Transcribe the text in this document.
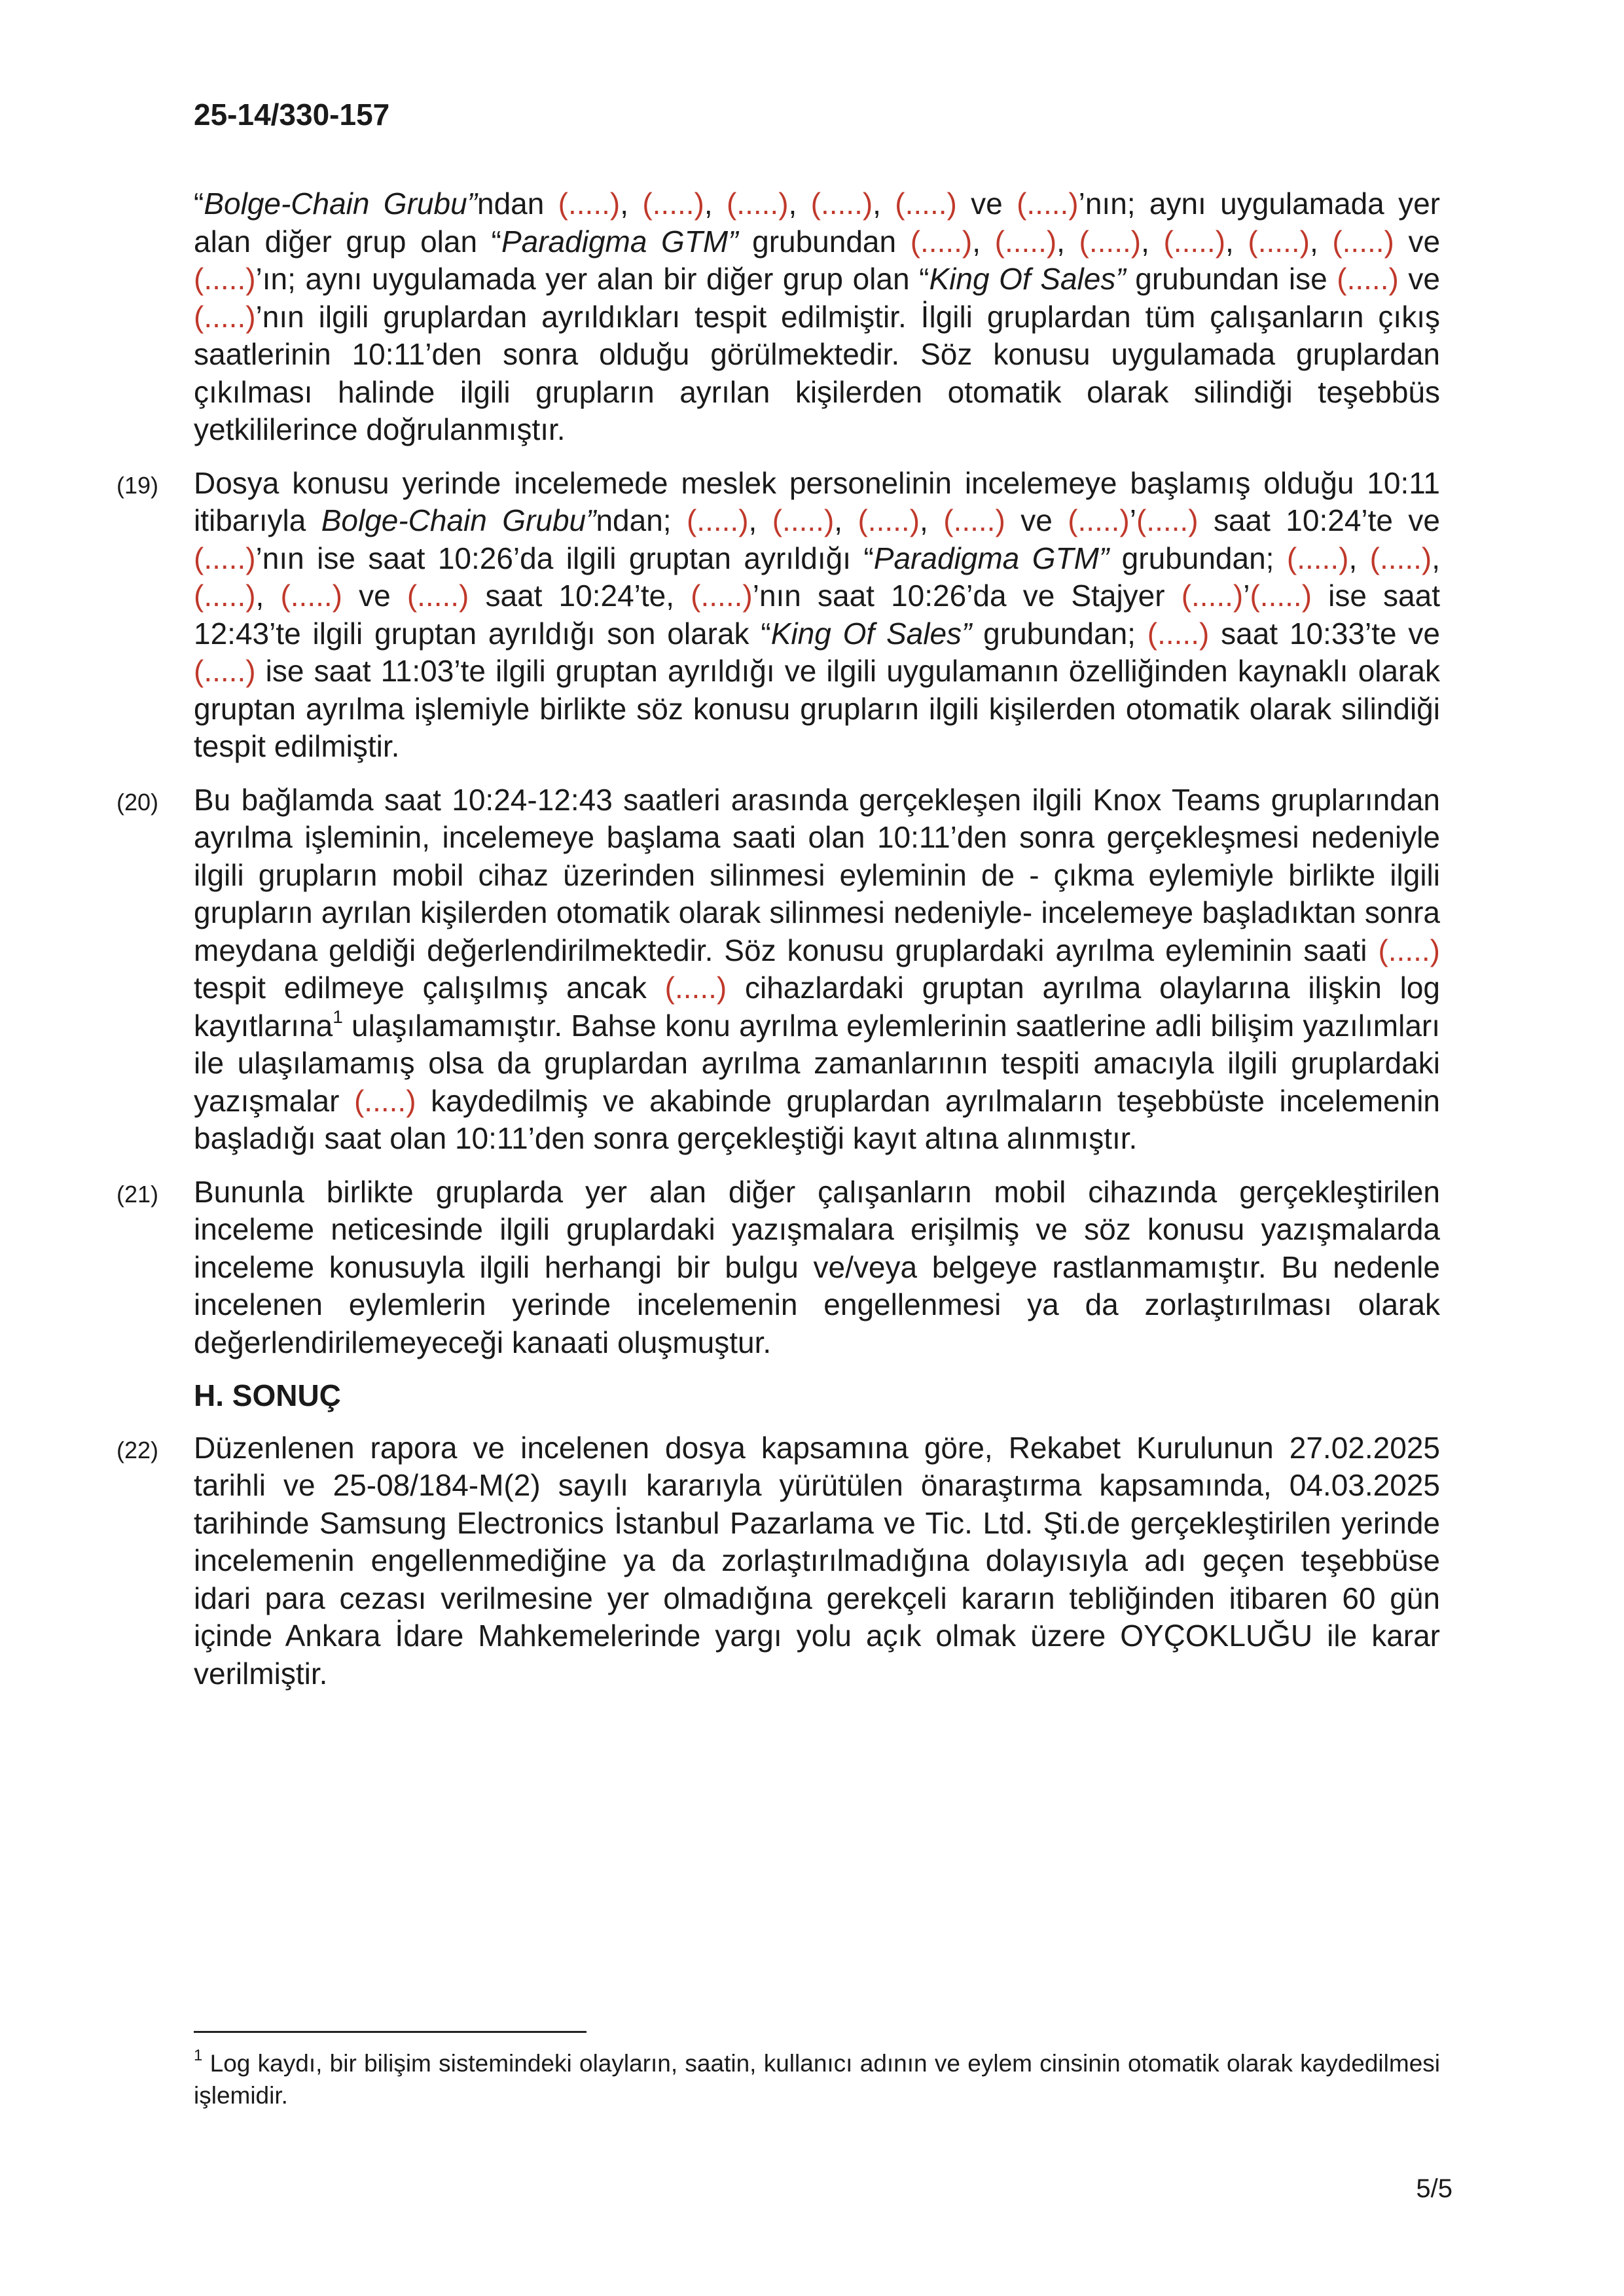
25-14/330-157

“Bolge-Chain Grubu”ndan (.....), (.....), (.....), (.....), (.....) ve (.....)’nın; aynı uygulamada yer alan diğer grup olan “Paradigma GTM” grubundan (.....), (.....), (.....), (.....), (.....), (.....) ve (.....)’ın; aynı uygulamada yer alan bir diğer grup olan “King Of Sales” grubundan ise (.....) ve (.....)’nın ilgili gruplardan ayrıldıkları tespit edilmiştir. İlgili gruplardan tüm çalışanların çıkış saatlerinin 10:11’den sonra olduğu görülmektedir. Söz konusu uygulamada gruplardan çıkılması halinde ilgili grupların ayrılan kişilerden otomatik olarak silindiği teşebbüs yetkililerince doğrulanmıştır.

(19) Dosya konusu yerinde incelemede meslek personelinin incelemeye başlamış olduğu 10:11 itibarıyla Bolge-Chain Grubu”ndan; (.....), (.....), (.....), (.....) ve (.....)’(.....) saat 10:24’te ve (.....)’nın ise saat 10:26’da ilgili gruptan ayrıldığı “Paradigma GTM” grubundan; (.....), (.....), (.....), (.....) ve (.....) saat 10:24’te, (.....)’nın saat 10:26’da ve Stajyer (.....)’(.....) ise saat 12:43’te ilgili gruptan ayrıldığı son olarak “King Of Sales” grubundan; (.....) saat 10:33’te ve (.....) ise saat 11:03’te ilgili gruptan ayrıldığı ve ilgili uygulamanın özelliğinden kaynaklı olarak gruptan ayrılma işlemiyle birlikte söz konusu grupların ilgili kişilerden otomatik olarak silindiği tespit edilmiştir.

(20) Bu bağlamda saat 10:24-12:43 saatleri arasında gerçekleşen ilgili Knox Teams gruplarından ayrılma işleminin, incelemeye başlama saati olan 10:11’den sonra gerçekleşmesi nedeniyle ilgili grupların mobil cihaz üzerinden silinmesi eyleminin de - çıkma eylemiyle birlikte ilgili grupların ayrılan kişilerden otomatik olarak silinmesi nedeniyle- incelemeye başladıktan sonra meydana geldiği değerlendirilmektedir. Söz konusu gruplardaki ayrılma eyleminin saati (.....) tespit edilmeye çalışılmış ancak (.....) cihazlardaki gruptan ayrılma olaylarına ilişkin log kayıtlarına$^1$ ulaşılamamıştır. Bahse konu ayrılma eylemlerinin saatlerine adli bilişim yazılımları ile ulaşılamamış olsa da gruplardan ayrılma zamanlarının tespiti amacıyla ilgili gruplardaki yazışmalar (.....) kaydedilmiş ve akabinde gruplardan ayrılmaların teşebbüste incelemenin başladığı saat olan 10:11’den sonra gerçekleştiği kayıt altına alınmıştır.

(21) Bununla birlikte gruplarda yer alan diğer çalışanların mobil cihazında gerçekleştirilen inceleme neticesinde ilgili gruplardaki yazışmalara erişilmiş ve söz konusu yazışmalarda inceleme konusuyla ilgili herhangi bir bulgu ve/veya belgeye rastlanmamıştır. Bu nedenle incelenen eylemlerin yerinde incelemenin engellenmesi ya da zorlaştırılması olarak değerlendirilemeyeceği kanaati oluşmuştur.

H. SONUÇ

(22) Düzenlenen rapora ve incelenen dosya kapsamına göre, Rekabet Kurulunun 27.02.2025 tarihli ve 25-08/184-M(2) sayılı kararıyla yürütülen önaraştırma kapsamında, 04.03.2025 tarihinde Samsung Electronics İstanbul Pazarlama ve Tic. Ltd. Şti.de gerçekleştirilen yerinde incelemenin engellenmediğine ya da zorlaştırılmadığına dolayısıyla adı geçen teşebbüse idari para cezası verilmesine yer olmadığına gerekçeli kararın tebliğinden itibaren 60 gün içinde Ankara İdare Mahkemelerinde yargı yolu açık olmak üzere OYÇOKLUĞU ile karar verilmiştir.

$^1$ Log kaydı, bir bilişim sistemindeki olayların, saatin, kullanıcı adının ve eylem cinsinin otomatik olarak kaydedilmesi işlemidir.
5/5
